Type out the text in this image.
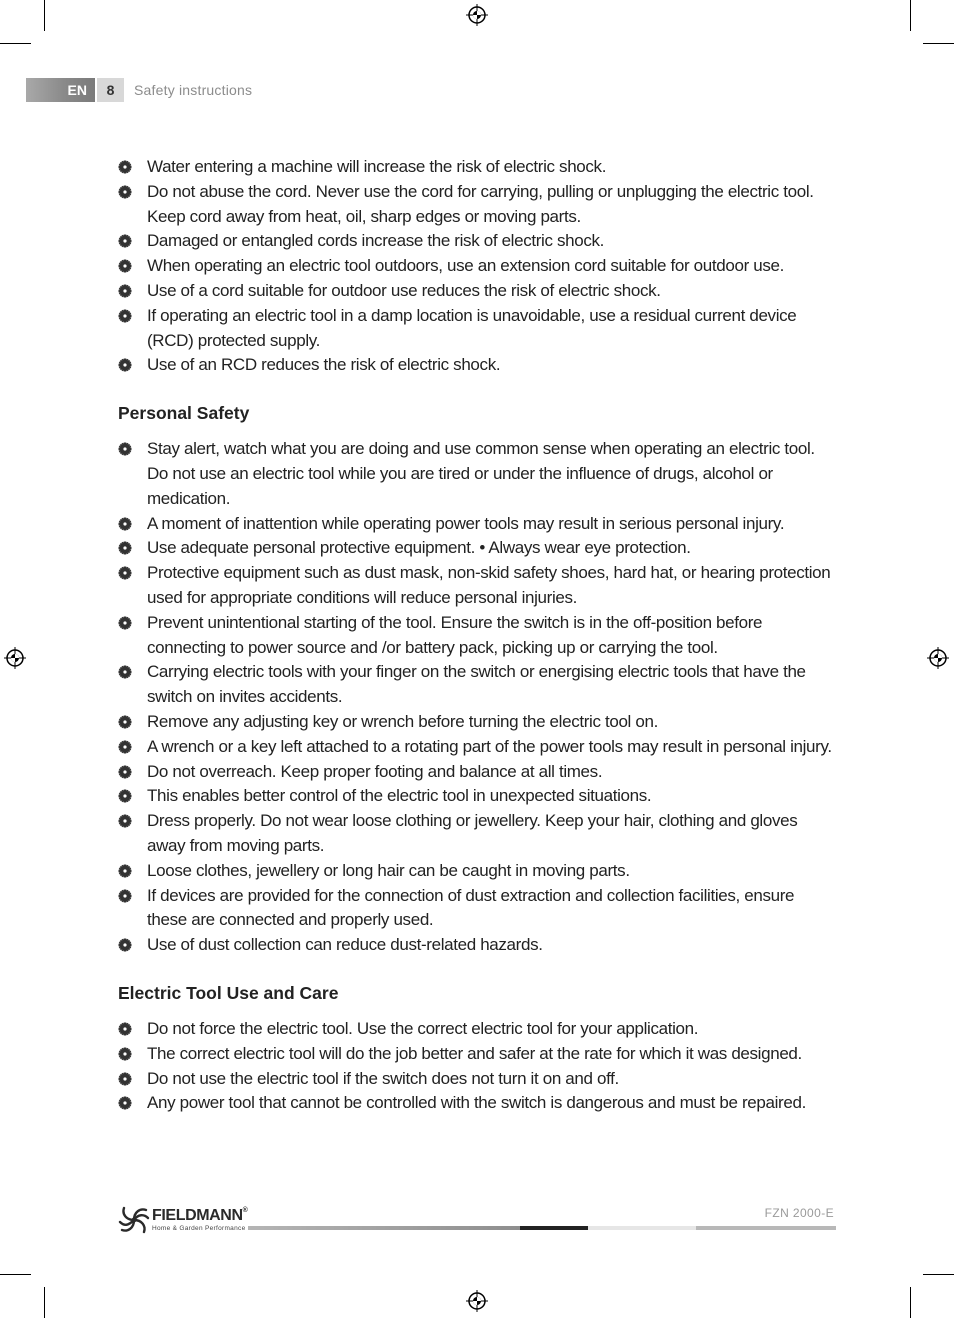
EN	8	Safety instructions
Water entering a machine will increase the risk of electric shock.
Do not abuse the cord. Never use the cord for carrying, pulling or unplugging the electric tool. Keep cord away from heat, oil, sharp edges or moving parts.
Damaged or entangled cords increase the risk of electric shock.
When operating an electric tool outdoors, use an extension cord suitable for outdoor use.
Use of a cord suitable for outdoor use reduces the risk of electric shock.
If operating an electric tool in a damp location is unavoidable, use a residual current device (RCD) protected supply.
Use of an RCD reduces the risk of electric shock.
Personal Safety
Stay alert, watch what you are doing and use common sense when operating an electric tool. Do not use an electric tool while you are tired or under the influence of drugs, alcohol or medication.
A moment of inattention while operating power tools may result in serious personal injury.
Use adequate personal protective equipment. • Always wear eye protection.
Protective equipment such as dust mask, non-skid safety shoes, hard hat, or hearing protection used for appropriate conditions will reduce personal injuries.
Prevent unintentional starting of the tool. Ensure the switch is in the off-position before connecting to power source and /or battery pack, picking up or carrying the tool.
Carrying electric tools with your finger on the switch or energising electric tools that have the switch on invites accidents.
Remove any adjusting key or wrench before turning the electric tool on.
A wrench or a key left attached to a rotating part of the power tools may result in personal injury.
Do not overreach. Keep proper footing and balance at all times.
This enables better control of the electric tool in unexpected situations.
Dress properly. Do not wear loose clothing or jewellery. Keep your hair, clothing and gloves away from moving parts.
Loose clothes, jewellery or long hair can be caught in moving parts.
If devices are provided for the connection of dust extraction and collection facilities, ensure these are connected and properly used.
Use of dust collection can reduce dust-related hazards.
Electric Tool Use and Care
Do not force the electric tool. Use the correct electric tool for your application.
The correct electric tool will do the job better and safer at the rate for which it was designed.
Do not use the electric tool if the switch does not turn it on and off.
Any power tool that cannot be controlled with the switch is dangerous and must be repaired.
FIELDMANN®
Home & Garden Performance
FZN 2000-E
